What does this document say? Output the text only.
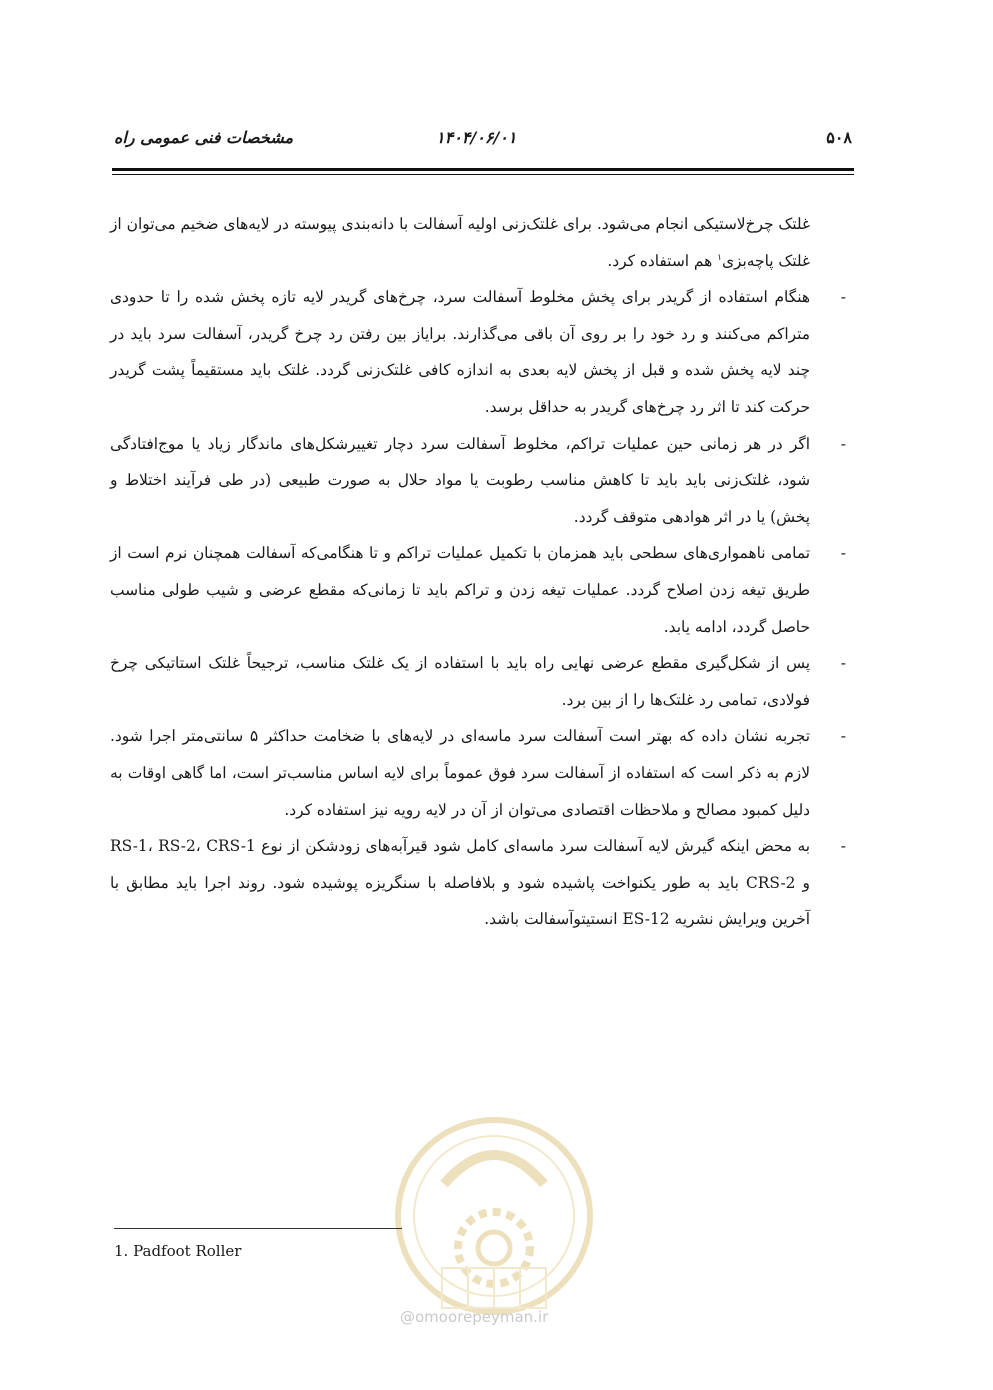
مشخصات فنی عمومی راه	۱۴۰۴/۰۶/۰۱	۵۰۸

غلتک چرخ‌لاستیکی انجام می‌شود. برای غلتک‌زنی اولیه آسفالت با دانه‌بندی پیوسته در لایه‌های ضخیم می‌توان از غلتک پاچه‌بزی$^۱$ هم استفاده کرد.

-
هنگام استفاده از گریدر برای پخش مخلوط آسفالت سرد، چرخ‌های گریدر لایه تازه پخش شده را تا حدودی متراکم می‌کنند و رد خود را بر روی آن باقی می‌گذارند. برایاز بین رفتن رد چرخ گریدر، آسفالت سرد باید در چند لایه پخش شده و قبل از پخش لایه بعدی به اندازه کافی غلتک‌زنی گردد. غلتک باید مستقیماً پشت گریدر حرکت کند تا اثر رد چرخ‌های گریدر به حداقل برسد.
-
اگر در هر زمانی حین عملیات تراکم، مخلوط آسفالت سرد دچار تغییرشکل‌های ماندگار زیاد یا موج‌افتادگی شود، غلتک‌زنی باید باید تا کاهش مناسب رطوبت یا مواد حلال به صورت طبیعی (در طی فرآیند اختلاط و پخش) یا در اثر هوادهی متوقف گردد.
-
تمامی ناهمواری‌های سطحی باید همزمان با تکمیل عملیات تراکم و تا هنگامی‌که آسفالت همچنان نرم است از طریق تیغه زدن اصلاح گردد. عملیات تیغه زدن و تراکم باید تا زمانی‌که مقطع عرضی و شیب طولی مناسب حاصل گردد، ادامه یابد.
-
پس از شکل‌گیری مقطع عرضی نهایی راه باید با استفاده از یک غلتک مناسب، ترجیحاً غلتک استاتیکی چرخ فولادی، تمامی رد غلتک‌ها را از بین برد.
-
تجربه نشان داده که بهتر است آسفالت سرد ماسه‌ای در لایه‌های با ضخامت حداکثر ۵ سانتی‌متر اجرا شود. لازم به ذکر است که استفاده از آسفالت سرد فوق عموماً برای لایه اساس مناسب‌تر است، اما گاهی اوقات به دلیل کمبود مصالح و ملاحظات اقتصادی می‌توان از آن در لایه رویه نیز استفاده کرد.
-
به محض اینکه گیرش لایه آسفالت سرد ماسه‌ای کامل شود قیرآبه‌های زودشکن از نوع RS-1، RS-2، CRS-1 و CRS-2 باید به طور یکنواخت پاشیده شود و بلافاصله با سنگریزه پوشیده شود. روند اجرا باید مطابق با آخرین ویرایش نشریه ES-12 انستیتوآسفالت باشد.
@omoorepeyman.ir
1. Padfoot Roller
